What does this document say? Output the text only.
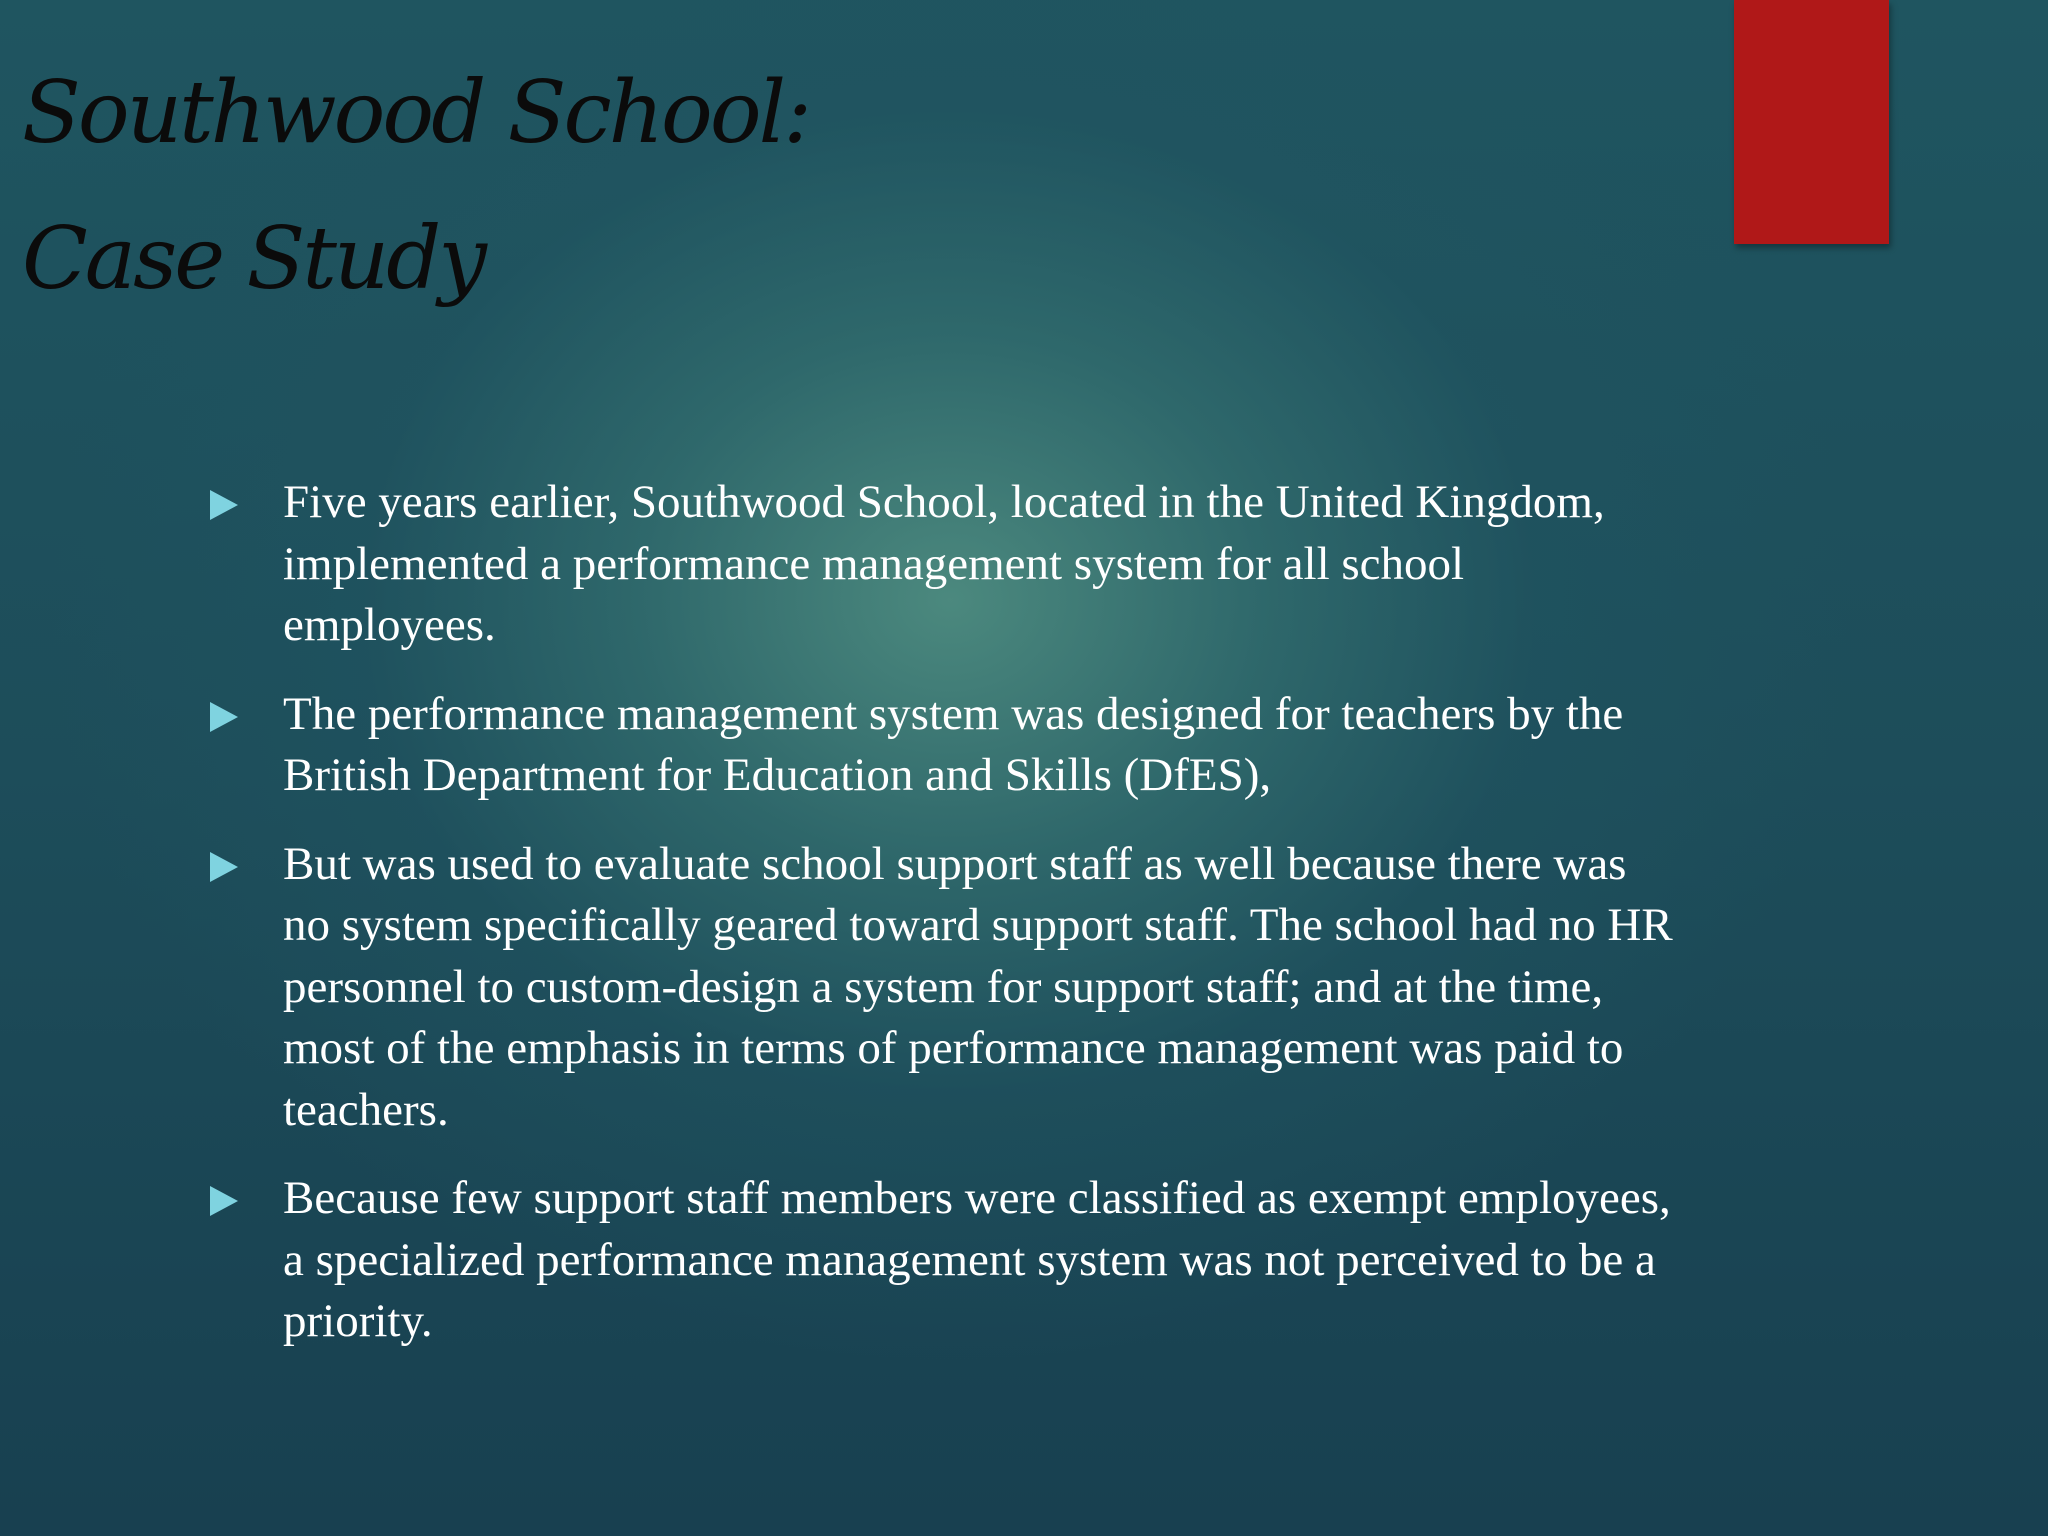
Southwood School:
Case Study
Five years earlier, Southwood School, located in the United Kingdom, implemented a performance management system for all school employees.
The performance management system was designed for teachers by the British Department for Education and Skills (DfES),
But was used to evaluate school support staff as well because there was no system specifically geared toward support staff. The school had no HR personnel to custom-design a system for support staff; and at the time, most of the emphasis in terms of performance management was paid to teachers.
Because few support staff members were classified as exempt employees, a specialized performance management system was not perceived to be a priority.
